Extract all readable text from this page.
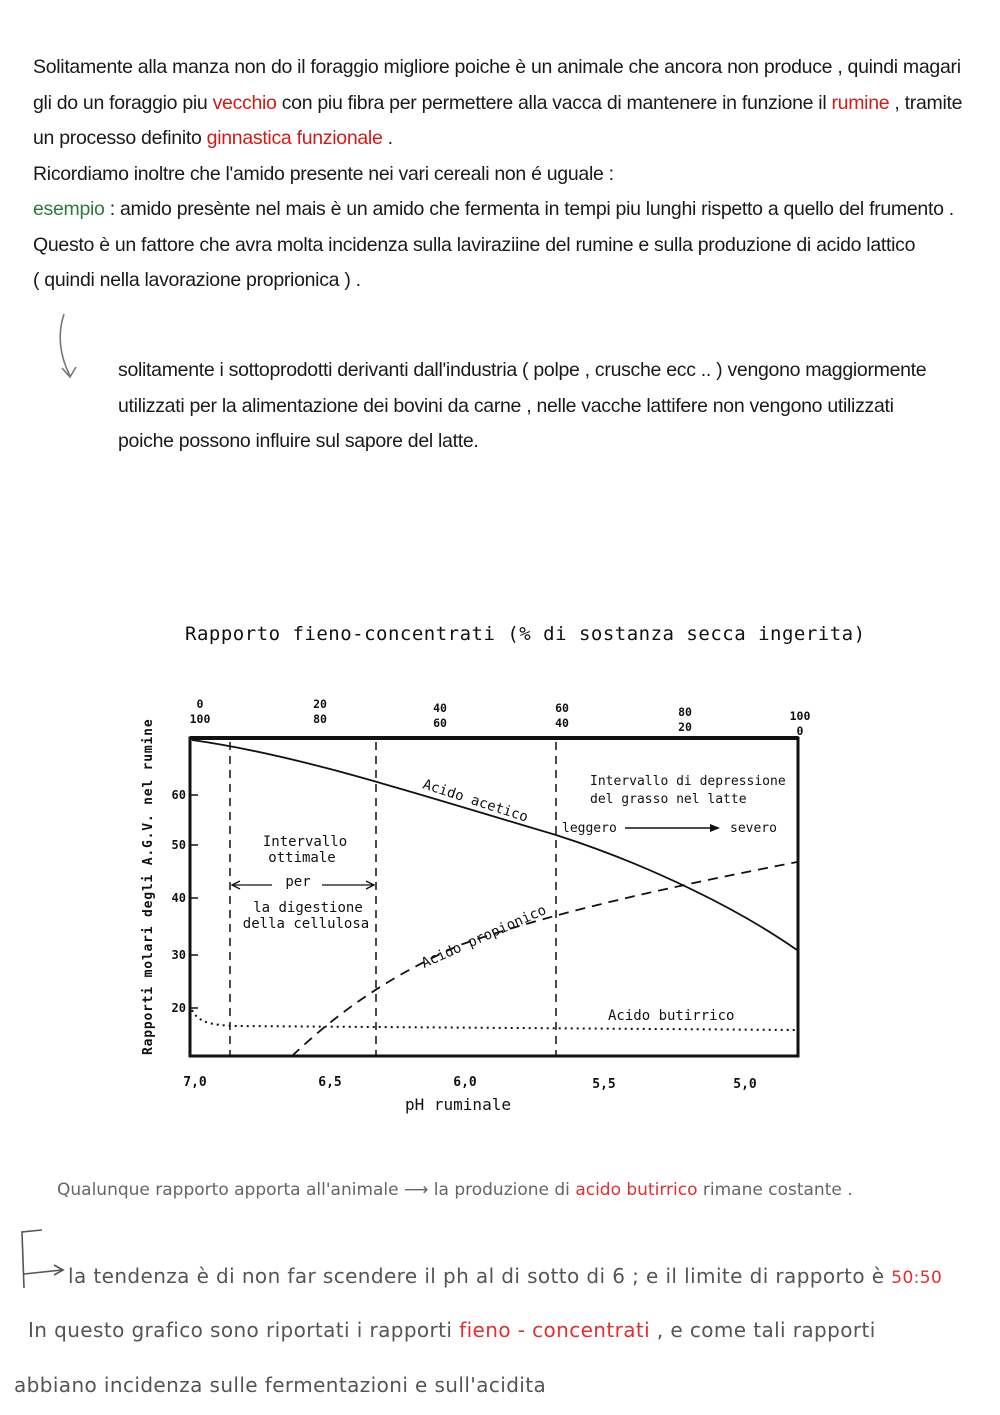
Solitamente alla manza non do il foraggio migliore poiche è un animale che ancora non produce , quindi magari
gli do un foraggio piu vecchio con piu fibra per permettere alla vacca di mantenere in funzione il rumine , tramite
un processo definito ginnastica funzionale .
Ricordiamo inoltre che l'amido presente nei vari cereali non é uguale :
esempio : amido presènte nel mais è un amido che fermenta in tempi piu lunghi rispetto a quello del frumento .
Questo è un fattore che avra molta incidenza sulla laviraziine del rumine e sulla produzione di acido lattico
( quindi nella lavorazione proprionica ) .
solitamente i sottoprodotti derivanti dall'industria ( polpe , crusche ecc .. ) vengono maggiormente
utilizzati per la alimentazione dei bovini da carne , nelle vacche lattifere non vengono utilizzati
poiche possono influire sul sapore del latte.
Rapporto fieno-concentrati (% di sostanza secca ingerita)
0
100
20
80
40
60
60
40
80
20
100
0
60
50
40
30
20
Rapporti molari degli A.G.V. nel rumine
7,0	6,5	6,0	5,5	5,0
pH ruminale
Intervallo
ottimale
per
la digestione
della cellulosa
Intervallo di depressione
del grasso nel latte
leggero	severo
Acido acetico
Acido propionico
Acido butirrico
Qualunque rapporto apporta all'animale ⟶ la produzione di acido butirrico rimane costante .
la tendenza è di non far scendere il ph al di sotto di 6 ; e il limite di rapporto è 50:50
In questo grafico sono riportati i rapporti fieno - concentrati , e come tali rapporti
abbiano incidenza sulle fermentazioni e sull'acidita
